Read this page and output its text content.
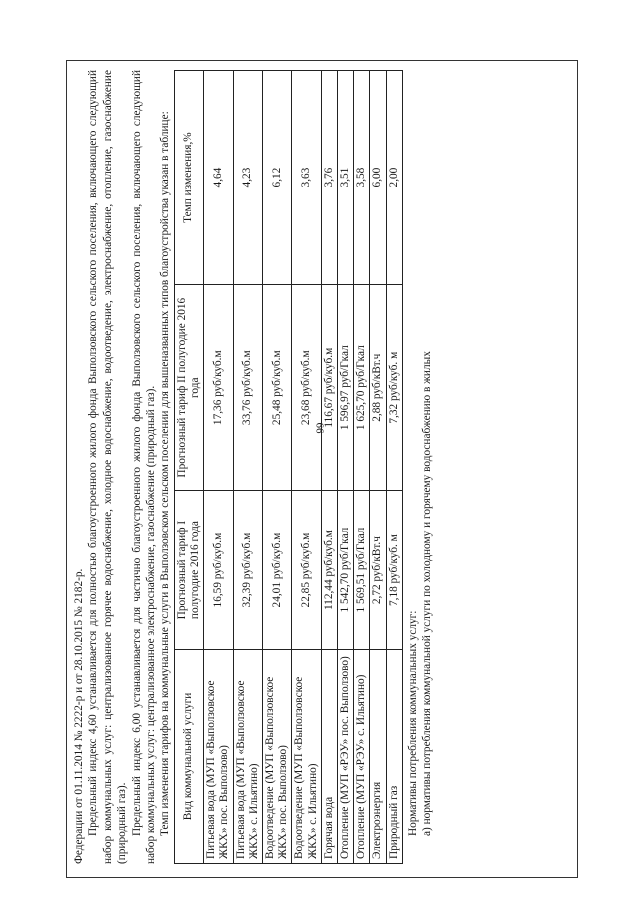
66

Федерации от 01.11.2014 № 2222-р и от 28.10.2015 № 2182-р. Предельный индекс 4,60 устанавливается для полностью благоустроенного жилого фонда Выползовского сельского поселения, включающего следующий набор коммунальных услуг: централизованное горячее водоснабжение, холодное водоснабжение, водоотведение, электроснабжение, отопление, газоснабжение (природный газ). Предельный индекс 6,00 устанавливается для частично благоустроенного жилого фонда Выползовского сельского поселения, включающего следующий набор коммунальных услуг: централизованное электроснабжение, газоснабжение (природный газ). Темп изменения тарифов на коммунальные услуги в Выползовском сельском поселении для вышеназванных типов благоустройства указан в таблице: Вид коммунальной услуги	Прогнозный тариф I полугодие 2016 года	Прогнозный тариф II полугодие 2016 года	Темп изменения,%
Питьевая вода (МУП «Выползовское ЖКХ» пос. Выползово)	16,59 руб/куб.м	17,36 руб/куб.м	4,64
Питьевая вода (МУП «Выползовское ЖКХ» с. Ильятино)	32,39 руб/куб.м	33,76 руб/куб.м	4,23
Водоотведение (МУП «Выползовское ЖКХ» пос. Выползово)	24,01 руб/куб.м	25,48 руб/куб.м	6,12
Водоотведение (МУП «Выползовское ЖКХ» с. Ильятино)	22,85 руб/куб.м	23,68 руб/куб.м	3,63
Горячая вода	112,44 руб/куб.м	116,67 руб/куб.м	3,76
Отопление (МУП «РЭУ» пос. Выползово)	1 542,70 руб/Гкал	1 596,97 руб/Гкал	3,51
Отопление (МУП «РЭУ» с. Ильятино)	1 569,51 руб/Гкал	1 625,70 руб/Гкал	3,58
Электроэнергия	2,72 руб/кВт.ч	2,88 руб/кВт.ч	6,00
Природный газ	7,18 руб/куб. м	7,32 руб/куб. м	2,00

Нормативы потребления коммунальных услуг: а) нормативы потребления коммунальной услуги по холодному и горячему водоснабжению в жилых
